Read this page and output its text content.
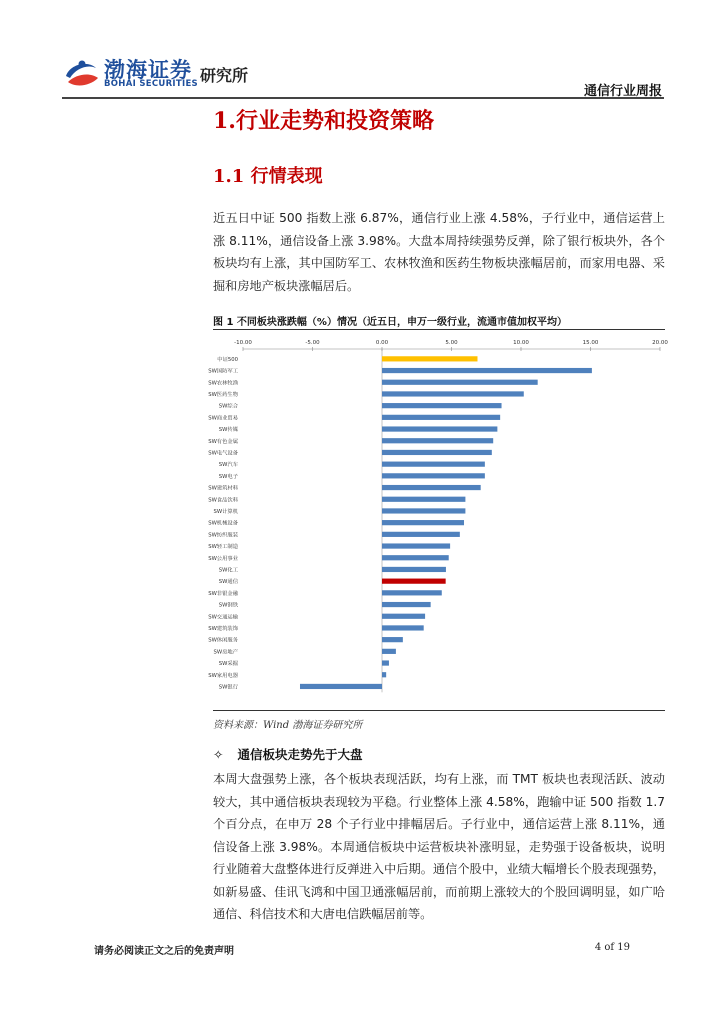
渤海证券
BOHAI SECURITIES 研究所
通信行业周报
1.行业走势和投资策略
1.1 行情表现

近五日中证 500 指数上涨 6.87%，通信行业上涨 4.58%，子行业中，通信运营上涨 8.11%，通信设备上涨 3.98%。大盘本周持续强势反弹，除了银行板块外，各个板块均有上涨，其中国防军工、农林牧渔和医药生物板块涨幅居前，而家用电器、采掘和房地产板块涨幅居后。

图 1 不同板块涨跌幅（%）情况（近五日，申万一级行业，流通市值加权平均）
-10.00	-5.00	0.00	5.00	10.00	15.00	20.00
中证500
SW国防军工
SW农林牧渔
SW医药生物
SW综合
SW商业贸易
SW传媒
SW有色金属
SW电气设备
SW汽车
SW电子
SW建筑材料
SW食品饮料
SW计算机
SW机械设备
SW纺织服装
SW轻工制造
SW公用事业
SW化工
SW通信
SW非银金融
SW钢铁
SW交通运输
SW建筑装饰
SW休闲服务
SW房地产
SW采掘
SW家用电器
SW银行
资料来源：Wind 渤海证券研究所
✧ 通信板块走势先于大盘

本周大盘强势上涨，各个板块表现活跃，均有上涨，而 TMT 板块也表现活跃、波动较大，其中通信板块表现较为平稳。行业整体上涨 4.58%，跑输中证 500 指数 1.7 个百分点，在申万 28 个子行业中排幅居后。子行业中，通信运营上涨 8.11%，通信设备上涨 3.98%。本周通信板块中运营板块补涨明显，走势强于设备板块，说明行业随着大盘整体进行反弹进入中后期。通信个股中，业绩大幅增长个股表现强势，如新易盛、佳讯飞鸿和中国卫通涨幅居前，而前期上涨较大的个股回调明显，如广哈通信、科信技术和大唐电信跌幅居前等。

请务必阅读正文之后的免责声明	4 of 19
